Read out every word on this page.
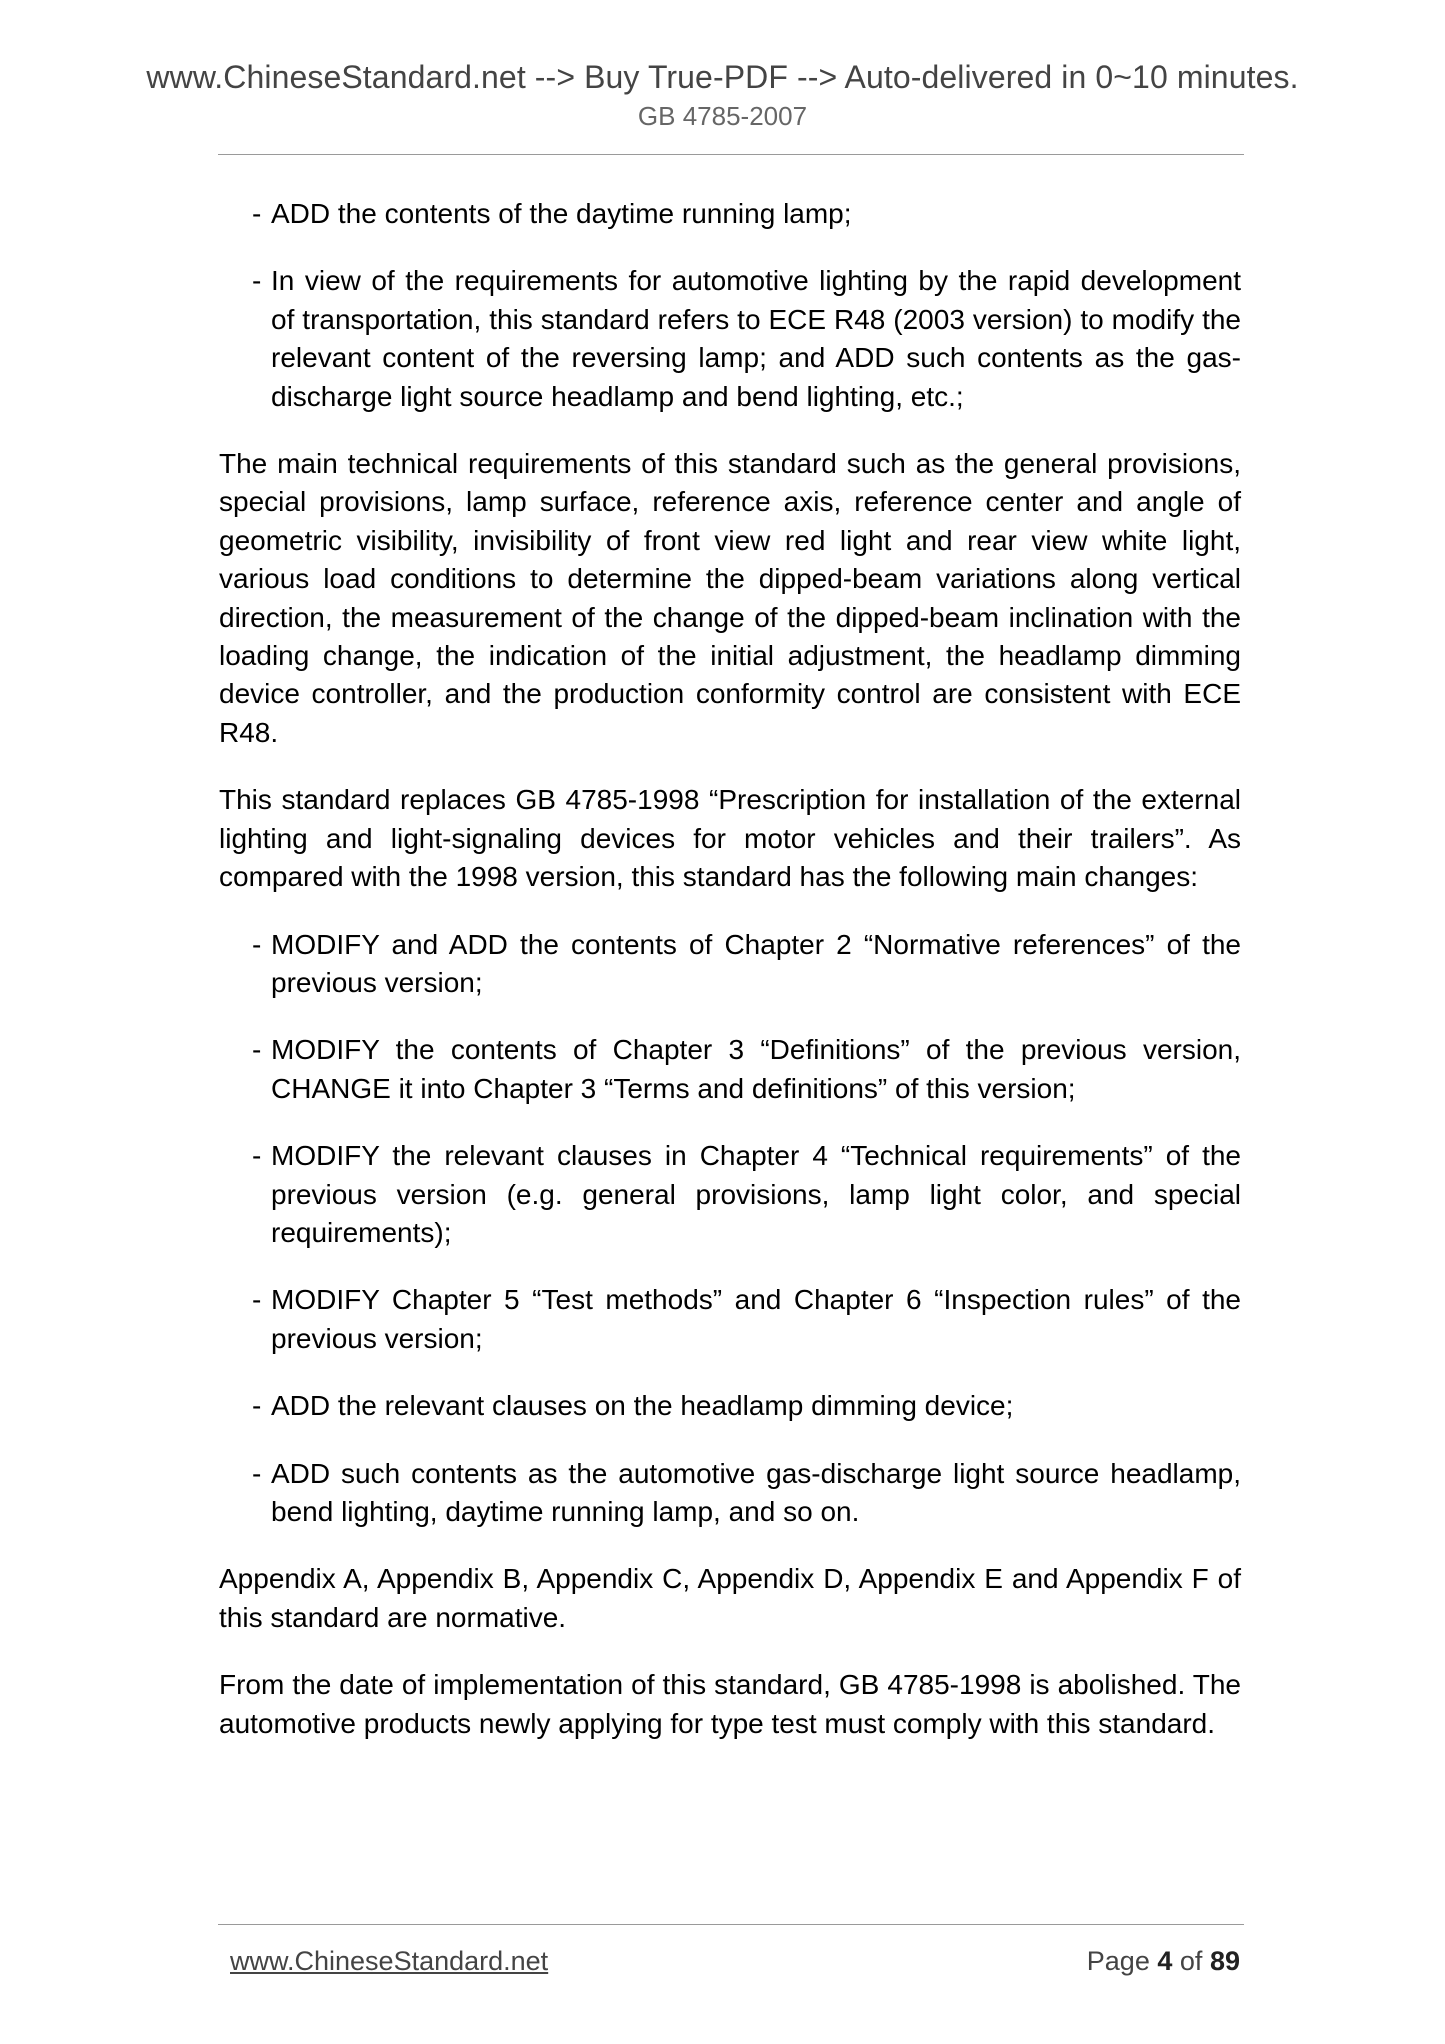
www.ChineseStandard.net --> Buy True-PDF --> Auto-delivered in 0~10 minutes.
GB 4785-2007
- ADD the contents of the daytime running lamp;
- In view of the requirements for automotive lighting by the rapid development of transportation, this standard refers to ECE R48 (2003 version) to modify the relevant content of the reversing lamp; and ADD such contents as the gas-discharge light source headlamp and bend lighting, etc.;

The main technical requirements of this standard such as the general provisions, special provisions, lamp surface, reference axis, reference center and angle of geometric visibility, invisibility of front view red light and rear view white light, various load conditions to determine the dipped-beam variations along vertical direction, the measurement of the change of the dipped-beam inclination with the loading change, the indication of the initial adjustment, the headlamp dimming device controller, and the production conformity control are consistent with ECE R48.

This standard replaces GB 4785-1998 “Prescription for installation of the external lighting and light-signaling devices for motor vehicles and their trailers”. As compared with the 1998 version, this standard has the following main changes:

- MODIFY and ADD the contents of Chapter 2 “Normative references” of the previous version;
- MODIFY the contents of Chapter 3 “Definitions” of the previous version, CHANGE it into Chapter 3 “Terms and definitions” of this version;
- MODIFY the relevant clauses in Chapter 4 “Technical requirements” of the previous version (e.g. general provisions, lamp light color, and special requirements);
- MODIFY Chapter 5 “Test methods” and Chapter 6 “Inspection rules” of the previous version;
- ADD the relevant clauses on the headlamp dimming device;
- ADD such contents as the automotive gas-discharge light source headlamp, bend lighting, daytime running lamp, and so on.

Appendix A, Appendix B, Appendix C, Appendix D, Appendix E and Appendix F of this standard are normative.

From the date of implementation of this standard, GB 4785-1998 is abolished. The automotive products newly applying for type test must comply with this standard.

www.ChineseStandard.net	Page 4 of 89
